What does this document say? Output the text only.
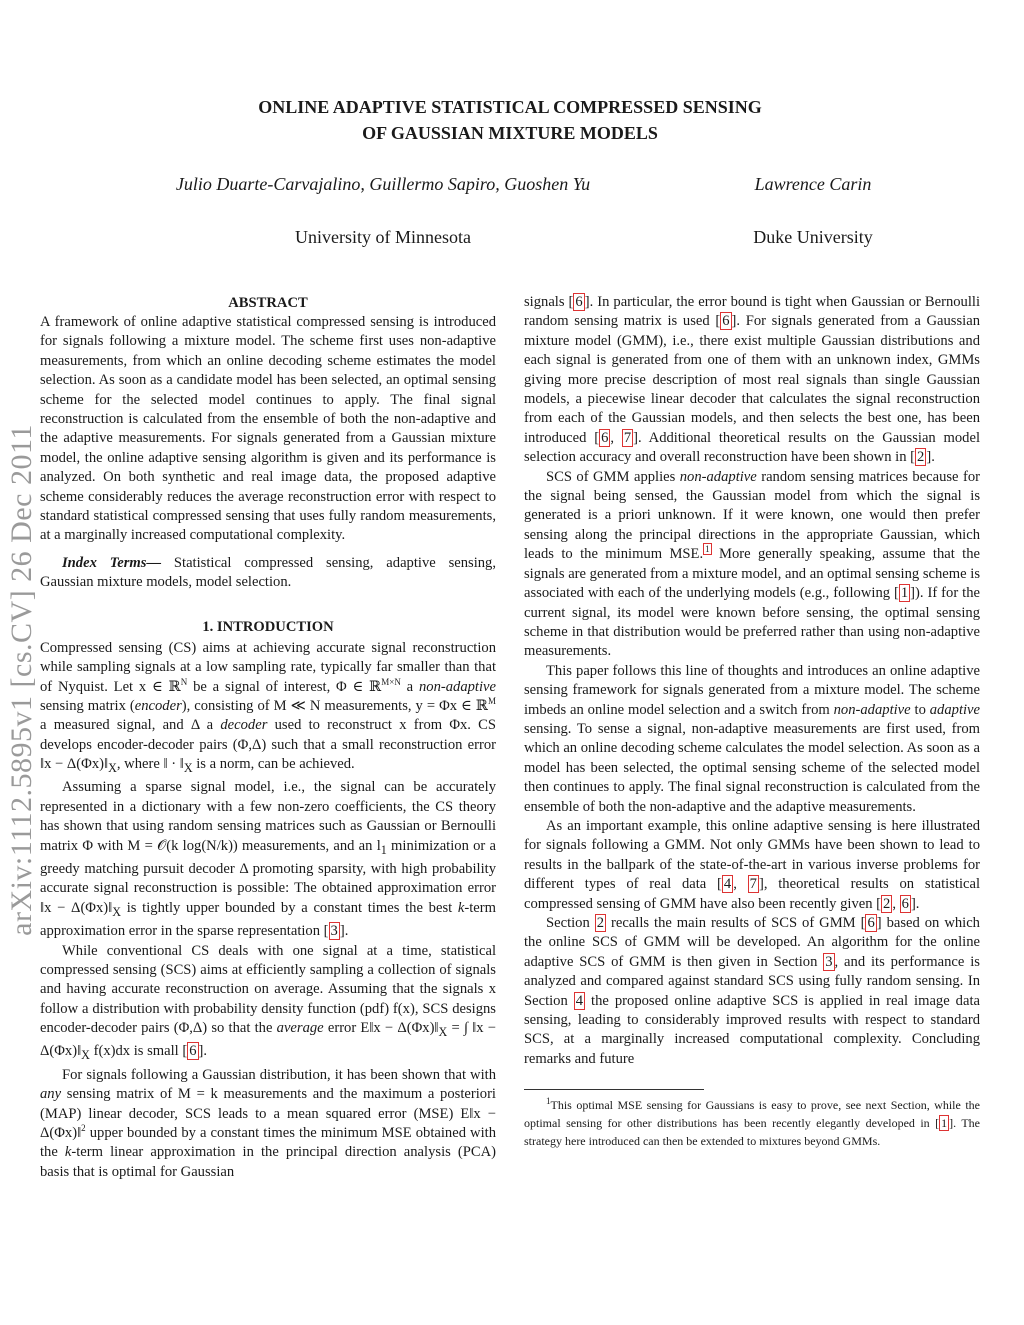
arXiv:1112.5895v1 [cs.CV] 26 Dec 2011
ONLINE ADAPTIVE STATISTICAL COMPRESSED SENSING
OF GAUSSIAN MIXTURE MODELS
Julio Duarte-Carvajalino, Guillermo Sapiro, Guoshen Yu	Lawrence Carin
University of Minnesota	Duke University
ABSTRACT

A framework of online adaptive statistical compressed sensing is introduced for signals following a mixture model. The scheme first uses non-adaptive measurements, from which an online decoding scheme estimates the model selection. As soon as a candidate model has been selected, an optimal sensing scheme for the selected model continues to apply. The final signal reconstruction is calculated from the ensemble of both the non-adaptive and the adaptive measurements. For signals generated from a Gaussian mixture model, the online adaptive sensing algorithm is given and its performance is analyzed. On both synthetic and real image data, the proposed adaptive scheme considerably reduces the average reconstruction error with respect to standard statistical compressed sensing that uses fully random measurements, at a marginally increased computational complexity.

Index Terms— Statistical compressed sensing, adaptive sensing, Gaussian mixture models, model selection.

1. INTRODUCTION

Compressed sensing (CS) aims at achieving accurate signal reconstruction while sampling signals at a low sampling rate, typically far smaller than that of Nyquist. Let x ∈ ℝ$^N$ be a signal of interest, Φ ∈ ℝ$^{M\times N}$ a non-adaptive sensing matrix (encoder), consisting of M ≪ N measurements, y = Φx ∈ ℝ$^M$ a measured signal, and Δ a decoder used to reconstruct x from Φx. CS develops encoder-decoder pairs (Φ,Δ) such that a small reconstruction error ‖x − $\Delta(\Phi x)‖_X$, where ‖ · $‖_X$ is a norm, can be achieved.

Assuming a sparse signal model, i.e., the signal can be accurately represented in a dictionary with a few non-zero coefficients, the CS theory has shown that using random sensing matrices such as Gaussian or Bernoulli matrix Φ with M = 𝒪(k log(N/k)) measurements, and an $l_1$ minimization or a greedy matching pursuit decoder Δ promoting sparsity, with high probability accurate signal reconstruction is possible: The obtained approximation error ‖x − $\Delta(\Phi x)‖_X$ is tightly upper bounded by a constant times the best k-term approximation error in the sparse representation [ 3 ].

While conventional CS deals with one signal at a time, statistical compressed sensing (SCS) aims at efficiently sampling a collection of signals and having accurate reconstruction on average. Assuming that the signals x follow a distribution with probability density function (pdf) f(x), SCS designs encoder-decoder pairs (Φ,Δ) so that the average error E‖x − $\Delta(\Phi x)‖_X$ = ∫ ‖x − $\Delta(\Phi x)‖_X$ f(x)dx is small [ 6 ].

For signals following a Gaussian distribution, it has been shown that with any sensing matrix of M = k measurements and the maximum a posteriori (MAP) linear decoder, SCS leads to a mean squared error (MSE) E‖x − Δ(Φx)‖$^2$ upper bounded by a constant times the minimum MSE obtained with the k-term linear approximation in the principal direction analysis (PCA) basis that is optimal for Gaussian

signals [ 6 ]. In particular, the error bound is tight when Gaussian or Bernoulli random sensing matrix is used [ 6 ]. For signals generated from a Gaussian mixture model (GMM), i.e., there exist multiple Gaussian distributions and each signal is generated from one of them with an unknown index, GMMs giving more precise description of most real signals than single Gaussian models, a piecewise linear decoder that calculates the signal reconstruction from each of the Gaussian models, and then selects the best one, has been introduced [ 6 , 7 ]. Additional theoretical results on the Gaussian model selection accuracy and overall reconstruction have been shown in [ 2 ].

SCS of GMM applies non-adaptive random sensing matrices because for the signal being sensed, the Gaussian model from which the signal is generated is a priori unknown. If it were known, one would then prefer sensing along the principal directions in the appropriate Gaussian, which leads to the minimum MSE. $^1$ More generally speaking, assume that the signals are generated from a mixture model, and an optimal sensing scheme is associated with each of the underlying models (e.g., following [ 1 ]). If for the current signal, its model were known before sensing, the optimal sensing scheme in that distribution would be preferred rather than using non-adaptive measurements.

This paper follows this line of thoughts and introduces an online adaptive sensing framework for signals generated from a mixture model. The scheme imbeds an online model selection and a switch from non-adaptive to adaptive sensing. To sense a signal, non-adaptive measurements are first used, from which an online decoding scheme calculates the model selection. As soon as a model has been selected, the optimal sensing scheme of the selected model then continues to apply. The final signal reconstruction is calculated from the ensemble of both the non-adaptive and the adaptive measurements.

As an important example, this online adaptive sensing is here illustrated for signals following a GMM. Not only GMMs have been shown to lead to results in the ballpark of the state-of-the-art in various inverse problems for different types of real data [ 4 , 7 ], theoretical results on statistical compressed sensing of GMM have also been recently given [ 2 , 6 ].

Section 2 recalls the main results of SCS of GMM [ 6 ] based on which the online SCS of GMM will be developed. An algorithm for the online adaptive SCS of GMM is then given in Section 3 , and its performance is analyzed and compared against standard SCS using fully random sensing. In Section 4 the proposed online adaptive SCS is applied in real image data sensing, leading to considerably improved results with respect to standard SCS, at a marginally increased computational complexity. Concluding remarks and future

$^1$This optimal MSE sensing for Gaussians is easy to prove, see next Section, while the optimal sensing for other distributions has been recently elegantly developed in [ 1 ]. The strategy here introduced can then be extended to mixtures beyond GMMs.
